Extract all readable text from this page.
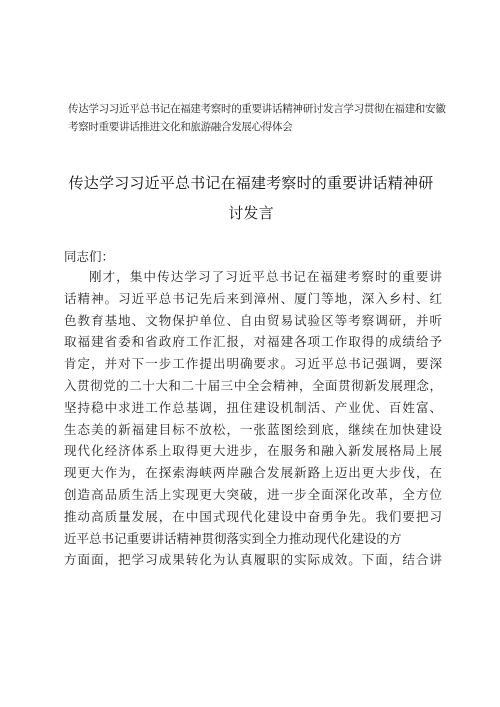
传达学习习近平总书记在福建考察时的重要讲话精神研讨发言学习贯彻在福建和安徽
考察时重要讲话推进文化和旅游融合发展心得体会
传达学习习近平总书记在福建考察时的重要讲话精神研
讨发言
同志们：
刚才，集中传达学习了习近平总书记在福建考察时的重要讲
话精神。习近平总书记先后来到漳州、厦门等地，深入乡村、红
色教育基地、文物保护单位、自由贸易试验区等考察调研，并听
取福建省委和省政府工作汇报，对福建各项工作取得的成绩给予
肯定，并对下一步工作提出明确要求。习近平总书记强调，要深
入贯彻党的二十大和二十届三中全会精神，全面贯彻新发展理念，
坚持稳中求进工作总基调，扭住建设机制活、产业优、百姓富、
生态美的新福建目标不放松，一张蓝图绘到底，继续在加快建设
现代化经济体系上取得更大进步，在服务和融入新发展格局上展
现更大作为，在探索海峡两岸融合发展新路上迈出更大步伐，在
创造高品质生活上实现更大突破，进一步全面深化改革，全方位
推动高质量发展，在中国式现代化建设中奋勇争先。我们要把习
近平总书记重要讲话精神贯彻落实到全力推动现代化建设的方
方面面，把学习成果转化为认真履职的实际成效。下面，结合讲
